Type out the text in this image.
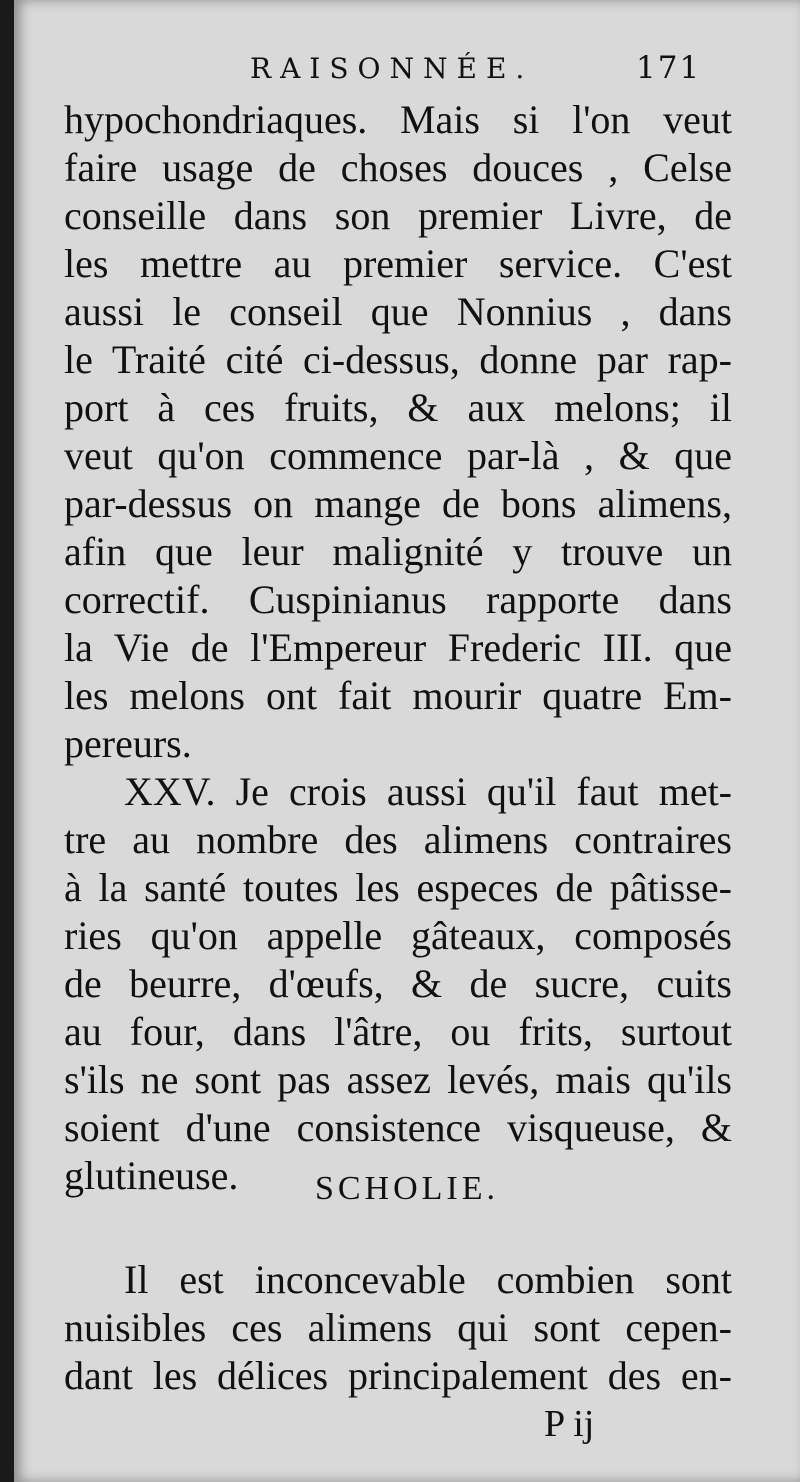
RAISONNÉE.	171
hypochondriaques. Mais si l'on veut
faire usage de choses douces , Celse
conseille dans son premier Livre, de
les mettre au premier service. C'est
aussi le conseil que Nonnius , dans
le Traité cité ci-dessus, donne par rap-
port à ces fruits, & aux melons; il
veut qu'on commence par-là , & que
par-dessus on mange de bons alimens,
afin que leur malignité y trouve un
correctif. Cuspinianus rapporte dans
la Vie de l'Empereur Frederic III. que
les melons ont fait mourir quatre Em-
pereurs.
XXV. Je crois aussi qu'il faut met-
tre au nombre des alimens contraires
à la santé toutes les especes de pâtisse-
ries qu'on appelle gâteaux, composés
de beurre, d'œufs, & de sucre, cuits
au four, dans l'âtre, ou frits, surtout
s'ils ne sont pas assez levés, mais qu'ils
soient d'une consistence visqueuse, &
glutineuse.	SCHOLIE.
Il est inconcevable combien sont
nuisibles ces alimens qui sont cepen-
dant les délices principalement des en-
P ij
